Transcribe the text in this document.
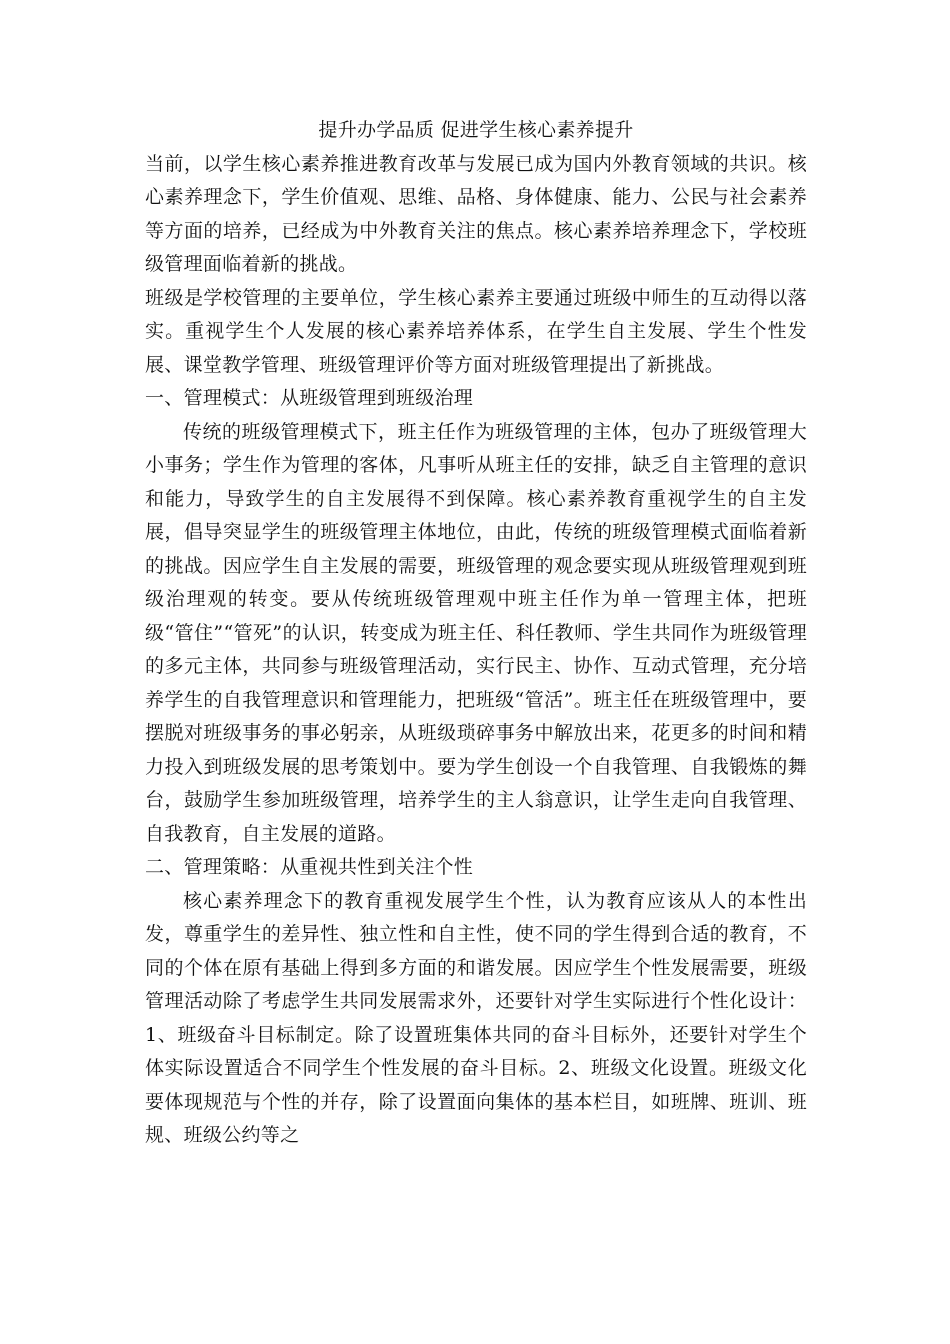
提升办学品质 促进学生核心素养提升

当前，以学生核心素养推进教育改革与发展已成为国内外教育领域的共识。核心素养理念下，学生价值观、思维、品格、身体健康、能力、公民与社会素养等方面的培养，已经成为中外教育关注的焦点。核心素养培养理念下，学校班级管理面临着新的挑战。

班级是学校管理的主要单位，学生核心素养主要通过班级中师生的互动得以落实。重视学生个人发展的核心素养培养体系，在学生自主发展、学生个性发展、课堂教学管理、班级管理评价等方面对班级管理提出了新挑战。

一、管理模式：从班级管理到班级治理

传统的班级管理模式下，班主任作为班级管理的主体，包办了班级管理大小事务；学生作为管理的客体，凡事听从班主任的安排，缺乏自主管理的意识和能力，导致学生的自主发展得不到保障。核心素养教育重视学生的自主发展，倡导突显学生的班级管理主体地位，由此，传统的班级管理模式面临着新的挑战。因应学生自主发展的需要，班级管理的观念要实现从班级管理观到班级治理观的转变。要从传统班级管理观中班主任作为单一管理主体，把班级“管住”“管死”的认识，转变成为班主任、科任教师、学生共同作为班级管理的多元主体，共同参与班级管理活动，实行民主、协作、互动式管理，充分培养学生的自我管理意识和管理能力，把班级“管活”。班主任在班级管理中，要摆脱对班级事务的事必躬亲，从班级琐碎事务中解放出来，花更多的时间和精力投入到班级发展的思考策划中。要为学生创设一个自我管理、自我锻炼的舞台，鼓励学生参加班级管理，培养学生的主人翁意识，让学生走向自我管理、自我教育，自主发展的道路。

二、管理策略：从重视共性到关注个性

核心素养理念下的教育重视发展学生个性，认为教育应该从人的本性出发，尊重学生的差异性、独立性和自主性，使不同的学生得到合适的教育，不同的个体在原有基础上得到多方面的和谐发展。因应学生个性发展需要，班级管理活动除了考虑学生共同发展需求外，还要针对学生实际进行个性化设计：1、班级奋斗目标制定。除了设置班集体共同的奋斗目标外，还要针对学生个体实际设置适合不同学生个性发展的奋斗目标。2、班级文化设置。班级文化要体现规范与个性的并存，除了设置面向集体的基本栏目，如班牌、班训、班规、班级公约等之
